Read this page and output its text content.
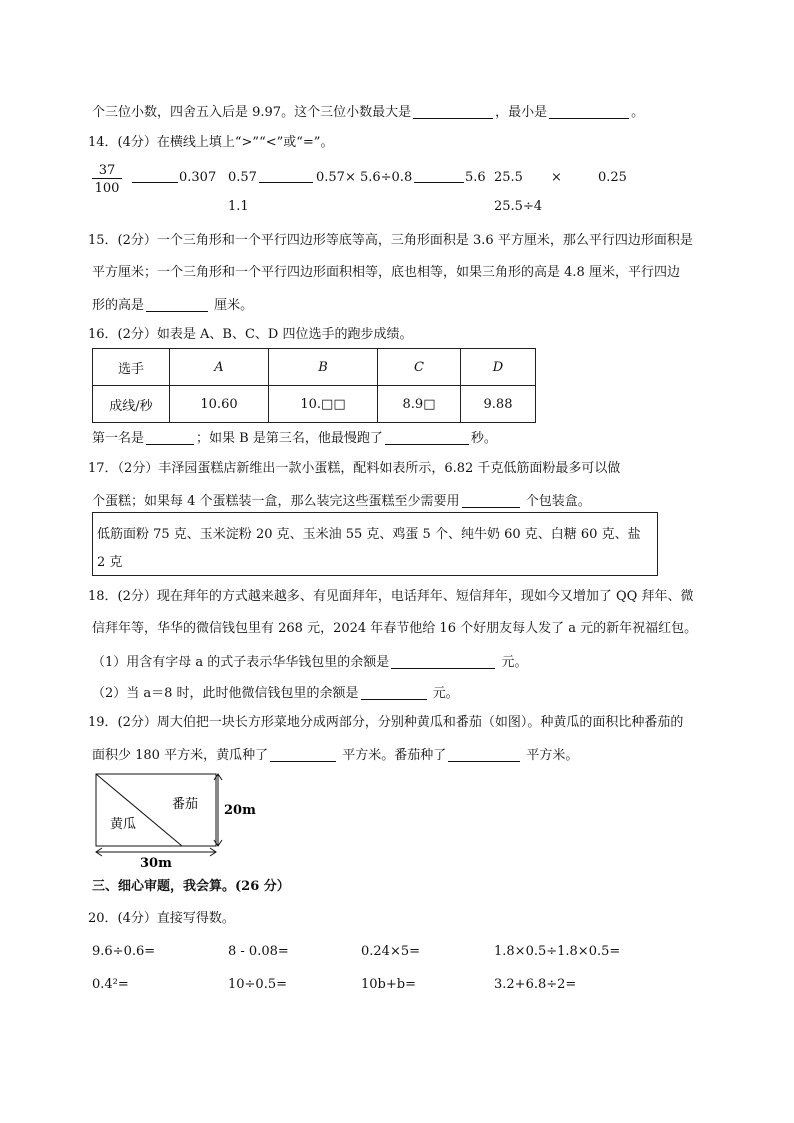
个三位小数，四舍五入后是 9.97。这个三位小数最大是	，最小是	。
14．(4分）在横线上填上“>”“<”或“=”。
37
100
0.307 0.57
1.1
0.57× 5.6÷0.8	5.6 25.5
25.5÷4
×	0.25
15．(2分）一个三角形和一个平行四边形等底等高，三角形面积是 3.6 平方厘米，那么平行四边形面积是
平方厘米；一个三角形和一个平行四边形面积相等，底也相等，如果三角形的高是 4.8 厘米，平行四边
形的高是	厘米。
16．(2分）如表是 A、B、C、D 四位选手的跑步成绩。
选手	A	B	C	D
成线/秒	10.60	10.□□	8.9□	9.88
第一名是	；如果 B 是第三名，他最慢跑了	秒。
17．（2分）丰泽园蛋糕店新维出一款小蛋糕，配料如表所示，6.82 千克低筋面粉最多可以做
个蛋糕；如果每 4 个蛋糕装一盒，那么装完这些蛋糕至少需要用	个包装盒。
低筋面粉 75 克、玉米淀粉 20 克、玉米油 55 克、鸡蛋 5 个、纯牛奶 60 克、白糖 60 克、盐 2 克
18．(2分）现在拜年的方式越来越多、有见面拜年，电话拜年、短信拜年，现如今又增加了 QQ 拜年、微
信拜年等，华华的微信钱包里有 268 元，2024 年春节他给 16 个好朋友每人发了 a 元的新年祝福红包。
（1）用含有字母 a 的式子表示华华钱包里的余额是	元。
（2）当 a＝8 时，此时他微信钱包里的余额是	元。
19．(2分）周大伯把一块长方形菜地分成两部分，分别种黄瓜和番茄（如图）。种黄瓜的面积比种番茄的
面积少 180 平方米，黄瓜种了	平方米。番茄种了	平方米。
番茄
黄瓜
20m
30m
三、细心审题，我会算。(26 分）
20．(4分）直接写得数。
9.6÷0.6=	8 - 0.08=	0.24×5=	1.8×0.5÷1.8×0.5=
0.4²=	10÷0.5=	10b+b=	3.2+6.8÷2=
